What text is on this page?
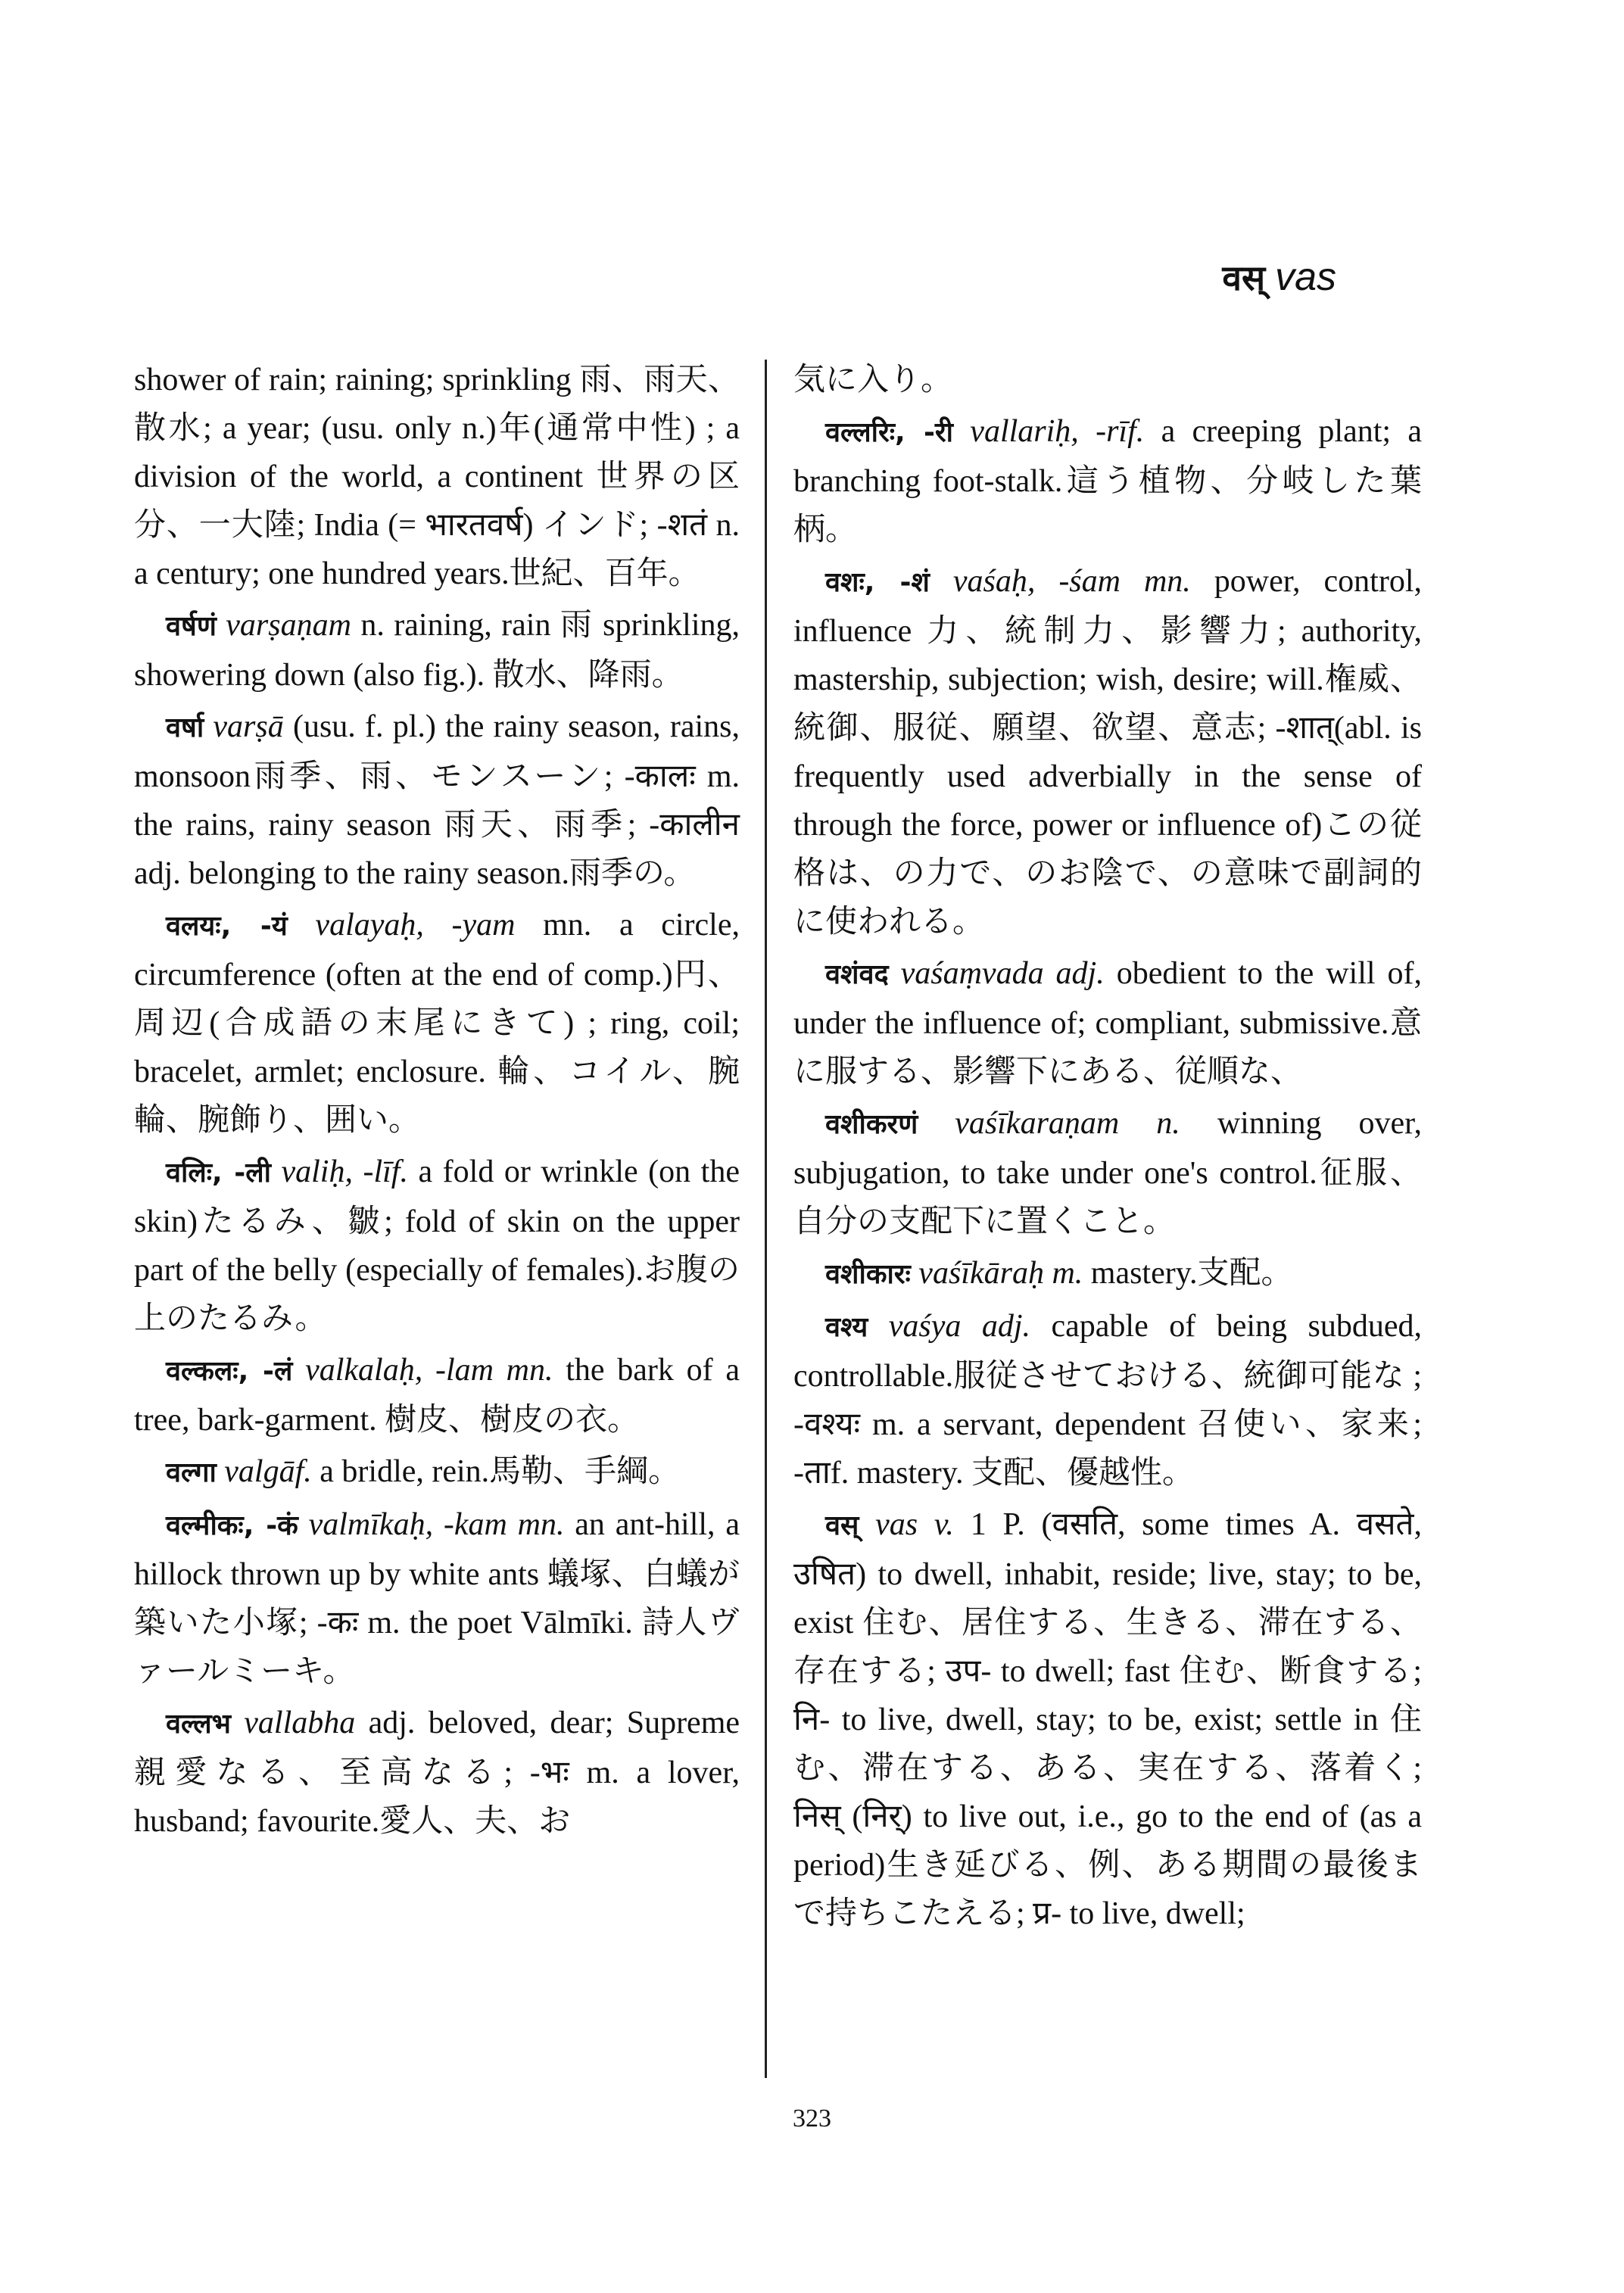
वस् vas

shower of rain; raining; sprinkling 雨、雨天、散水; a year; (usu. only n.)年(通常中性) ; a division of the world, a continent 世界の区分、一大陸; India (= भारतवर्ष) インド; -शतं n. a century; one hundred years.世紀、百年。

वर्षणं varṣaṇam n. raining, rain 雨 sprinkling, showering down (also fig.). 散水、降雨。

वर्षा varṣā (usu. f. pl.) the rainy season, rains, monsoon雨季、雨、モンスーン; -कालः m. the rains, rainy season 雨天、雨季; -कालीन adj. belonging to the rainy season.雨季の。

वलयः, -यं valayaḥ, -yam mn. a circle, circumference (often at the end of comp.)円、周辺(合成語の末尾にきて) ; ring, coil; bracelet, armlet; enclosure. 輪、コイル、腕輪、腕飾り、囲い。

वलिः, -ली valiḥ, -līf. a fold or wrinkle (on the skin)たるみ、皺; fold of skin on the upper part of the belly (especially of females).お腹の上のたるみ。

वल्कलः, -लं valkalaḥ, -lam mn. the bark of a tree, bark-garment. 樹皮、樹皮の衣。

वल्गा valgāf. a bridle, rein.馬勒、手綱。

वल्मीकः, -कं valmīkaḥ, -kam mn. an ant-hill, a hillock thrown up by white ants 蟻塚、白蟻が築いた小塚; -कः m. the poet Vālmīki. 詩人ヴァールミーキ。

वल्लभ vallabha adj. beloved, dear; Supreme 親愛なる、至高なる; -भः m. a lover, husband; favourite.愛人、夫、お

気に入り。

वल्लरिः, -री vallariḥ, -rīf. a creeping plant; a branching foot-stalk.這う植物、分岐した葉柄。

वशः, -शं vaśaḥ, -śam mn. power, control, influence 力、統制力、影響力; authority, mastership, subjection; wish, desire; will.権威、統御、服従、願望、欲望、意志; -शात्(abl. is frequently used adverbially in the sense of through the force, power or influence of)この従格は、の力で、のお陰で、の意味で副詞的に使われる。

वशंवद vaśaṃvada adj. obedient to the will of, under the influence of; compliant, submissive.意に服する、影響下にある、従順な、

वशीकरणं vaśīkaraṇam n. winning over, subjugation, to take under one's control.征服、自分の支配下に置くこと。

वशीकारः vaśīkāraḥ m. mastery.支配。

वश्य vaśya adj. capable of being subdued, controllable.服従させておける、統御可能な ; -वश्यः m. a servant, dependent 召使い、家来; -ताf. mastery. 支配、優越性。

वस् vas v. 1 P. (वसति, some times A. वसते, उषित) to dwell, inhabit, reside; live, stay; to be, exist 住む、居住する、生きる、滞在する、存在する; उप- to dwell; fast 住む、断食する; नि- to live, dwell, stay; to be, exist; settle in 住む、滞在する、ある、実在する、落着く; निस् (निर्) to live out, i.e., go to the end of (as a period)生き延びる、例、ある期間の最後まで持ちこたえる; प्र- to live, dwell;

323
